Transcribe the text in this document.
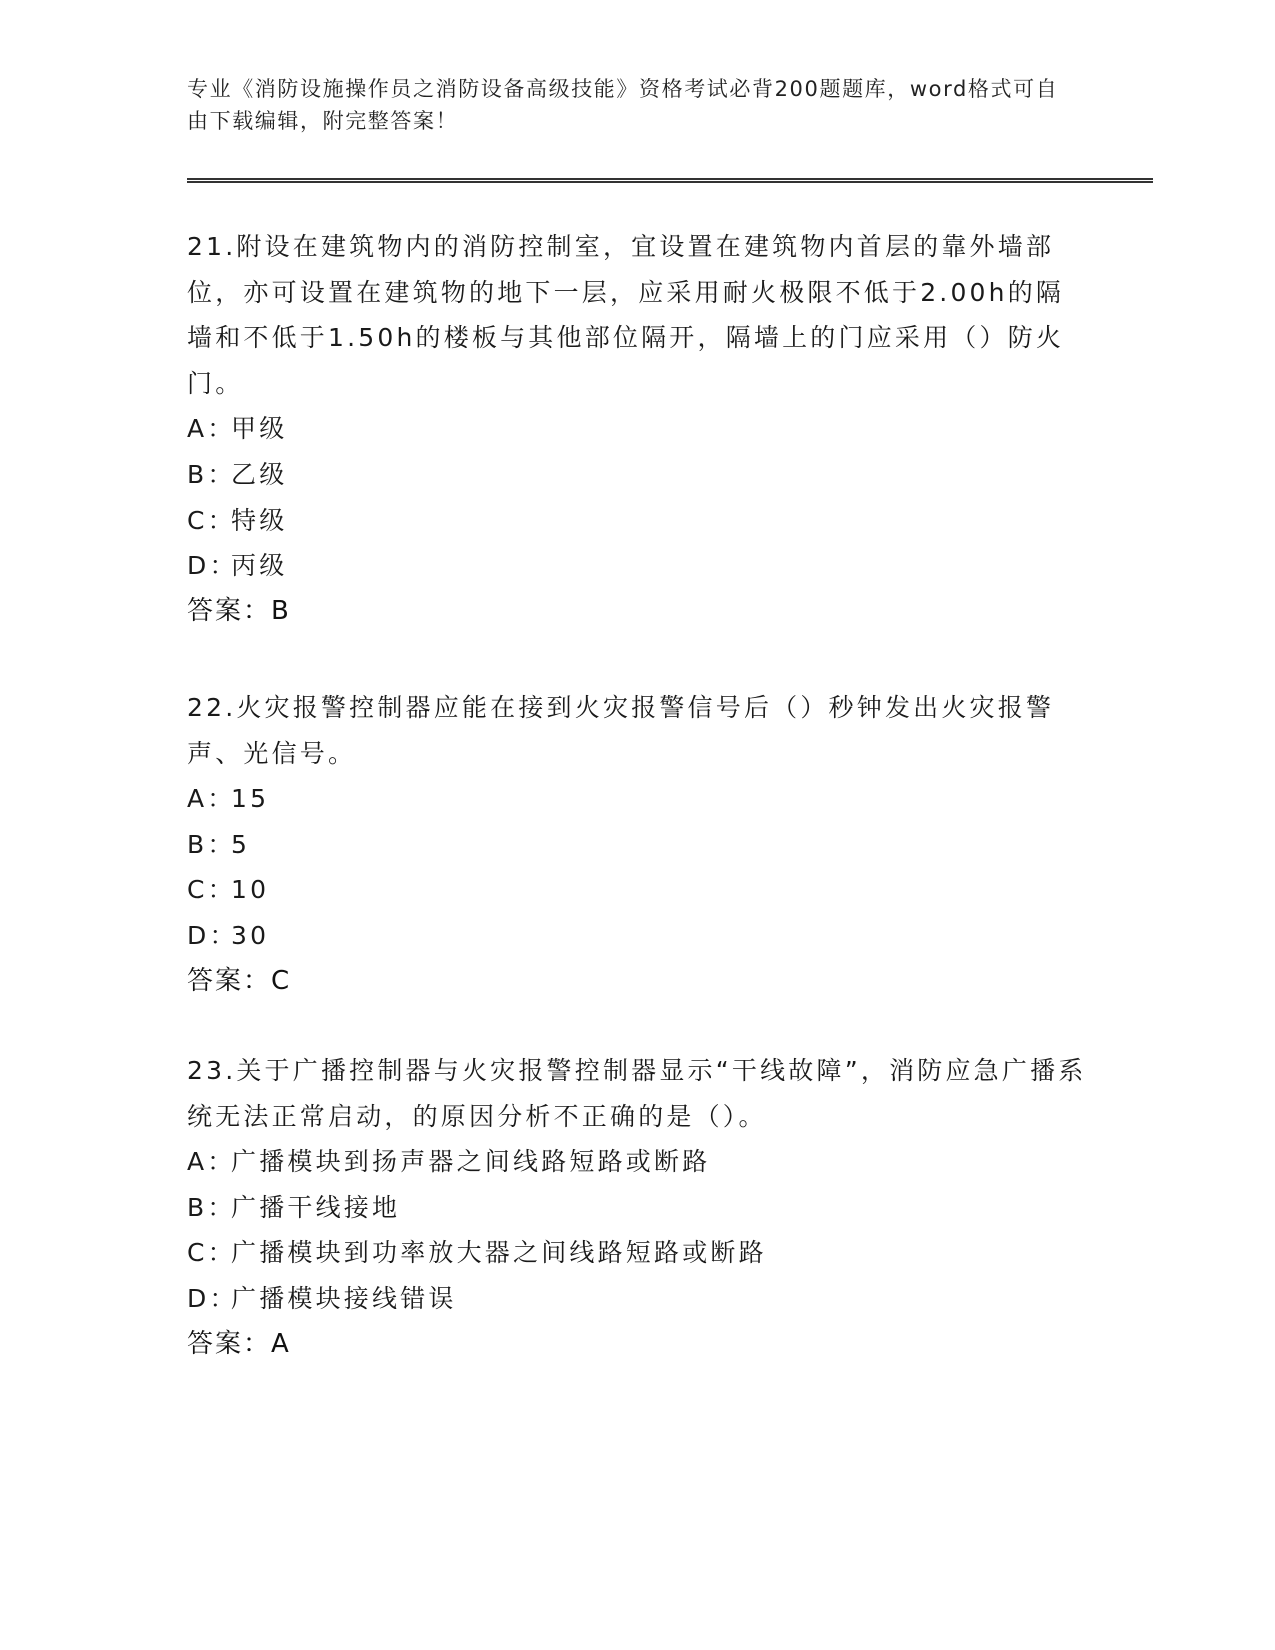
专业《消防设施操作员之消防设备高级技能》资格考试必背200题题库，word格式可自由下载编辑，附完整答案！

21.附设在建筑物内的消防控制室，宜设置在建筑物内首层的靠外墙部位，亦可设置在建筑物的地下一层，应采用耐火极限不低于2.00h的隔墙和不低于1.50h的楼板与其他部位隔开，隔墙上的门应采用（）防火门。

A：
甲级
B：
乙级
C：
特级
D：
丙级

答案：B

22.火灾报警控制器应能在接到火灾报警信号后（）秒钟发出火灾报警声、光信号。

A：
15
B：
5
C：
10
D：
30

答案：C

23.关于广播控制器与火灾报警控制器显示“干线故障”，消防应急广播系统无法正常启动，的原因分析不正确的是（）。

A：
广播模块到扬声器之间线路短路或断路
B：
广播干线接地
C：
广播模块到功率放大器之间线路短路或断路
D：
广播模块接线错误

答案：A
